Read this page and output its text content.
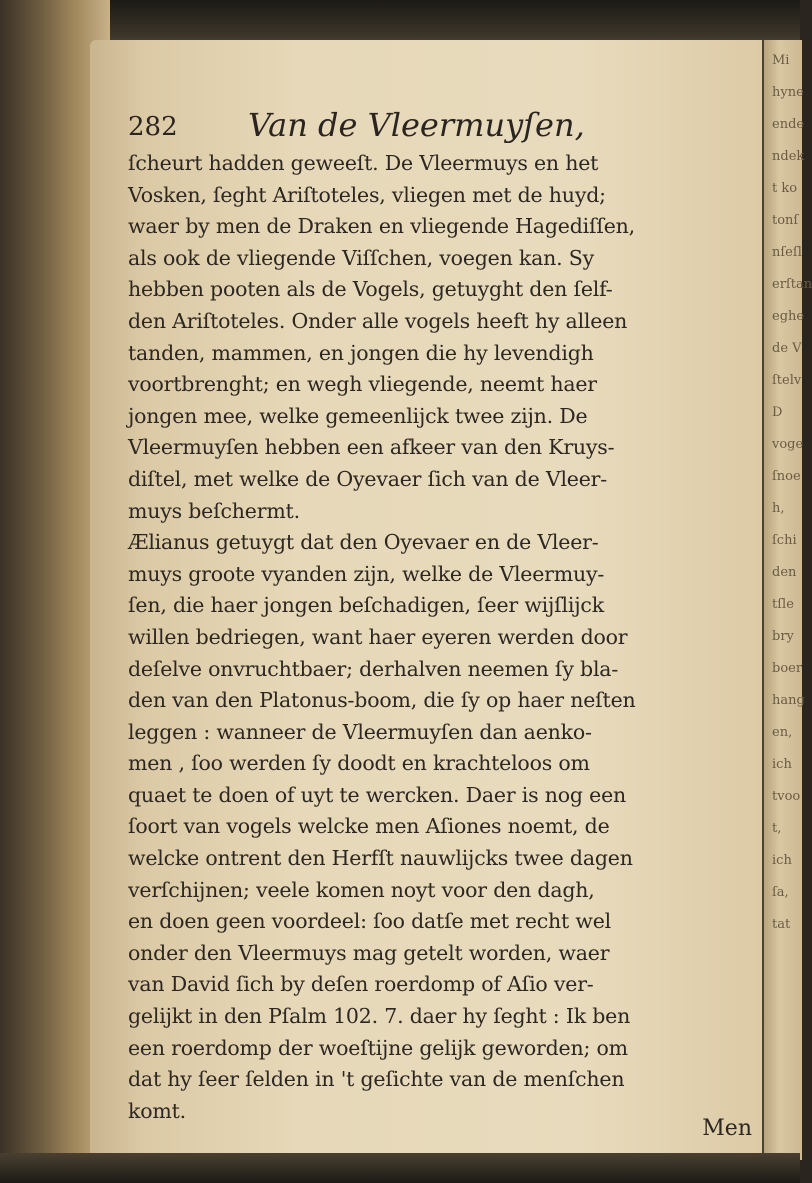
Mi
hyne
ende
ndek
t ko
tonſ
nſeſl
erſtan
eghe
de V
ſtelv
D
voge
ſnoe
h,
ſchi
den
tſle
bry
boer
hang
en,
ich
tvoo
t,
ich
ſa,
tat
282 Van de Vleermuyſen,
ſcheurt hadden geweeſt. De Vleermuys en het
Vosken, ſeght Ariſtoteles, vliegen met de huyd;
waer by men de Draken en vliegende Hagediſſen,
als ook de vliegende Viſſchen, voegen kan. Sy
hebben pooten als de Vogels, getuyght den ſelf-
den Ariſtoteles. Onder alle vogels heeft hy alleen
tanden, mammen, en jongen die hy levendigh
voortbrenght; en wegh vliegende, neemt haer
jongen mee, welke gemeenlijck twee zijn. De
Vleermuyſen hebben een afkeer van den Kruys-
diſtel, met welke de Oyevaer ſich van de Vleer-
muys beſchermt.
Ælianus getuygt dat den Oyevaer en de Vleer-
muys groote vyanden zijn, welke de Vleermuy-
ſen, die haer jongen beſchadigen, ſeer wijſlijck
willen bedriegen, want haer eyeren werden door
deſelve onvruchtbaer; derhalven neemen ſy bla-
den van den Platonus-boom, die ſy op haer neſten
leggen : wanneer de Vleermuyſen dan aenko-
men , ſoo werden ſy doodt en krachteloos om
quaet te doen of uyt te wercken. Daer is nog een
ſoort van vogels welcke men Aſiones noemt, de
welcke ontrent den Herfſt nauwlijcks twee dagen
verſchijnen; veele komen noyt voor den dagh,
en doen geen voordeel: ſoo datſe met recht wel
onder den Vleermuys mag getelt worden, waer
van David ſich by deſen roerdomp of Aſio ver-
gelijkt in den Pſalm 102. 7. daer hy ſeght : Ik ben
een roerdomp der woeſtijne gelijk geworden; om
dat hy ſeer ſelden in 't geſichte van de menſchen
komt.
Men
